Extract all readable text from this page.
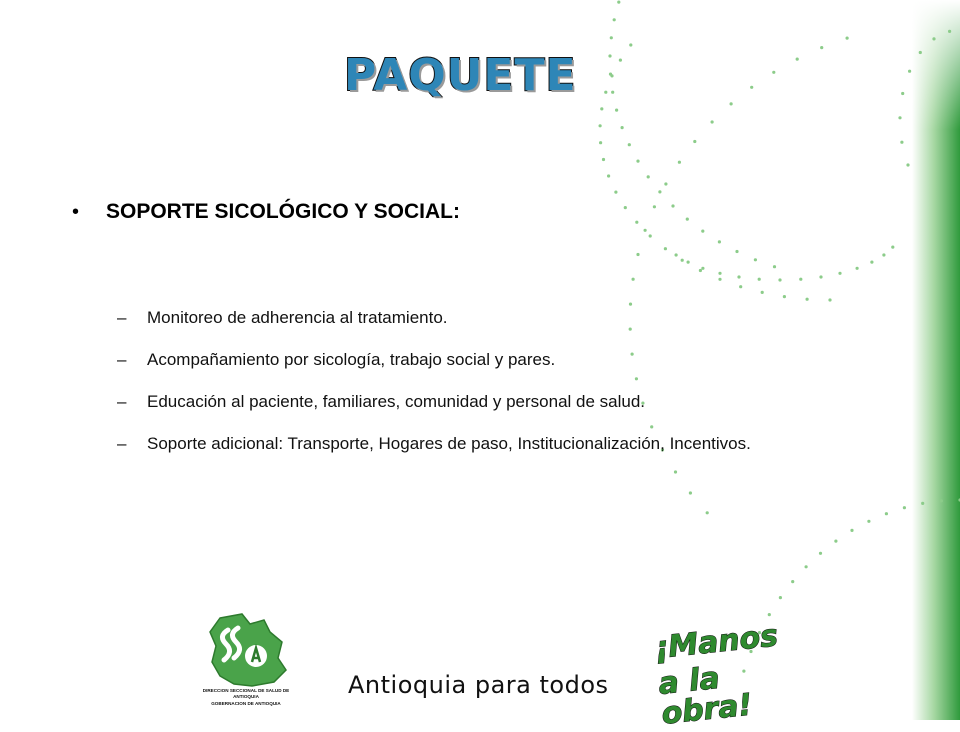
PAQUETE
•	SOPORTE SICOLÓGICO Y SOCIAL:
–	Monitoreo de adherencia al tratamiento.
–	Acompañamiento por sicología, trabajo social y pares.
–	Educación al paciente, familiares, comunidad y personal de salud.
–	Soporte adicional: Transporte, Hogares de paso, Institucionalización, Incentivos.
DIRECCION SECCIONAL DE SALUD DE ANTIOQUIA
GOBERNACION DE ANTIOQUIA
Antioquia para todos
¡Manos
a la obra!
